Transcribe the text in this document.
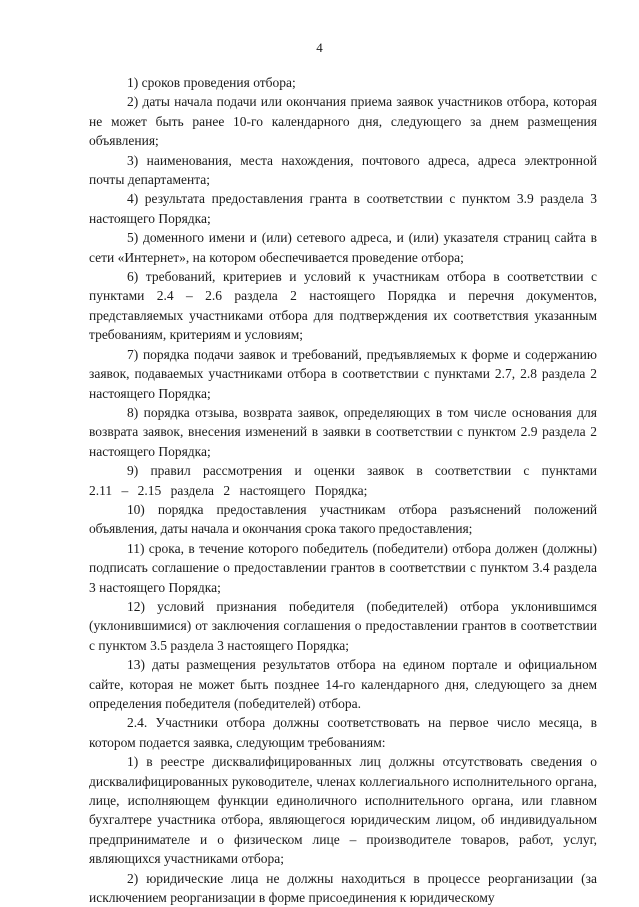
4

1) сроков проведения отбора;

2) даты начала подачи или окончания приема заявок участников отбора, которая не может быть ранее 10-го календарного дня, следующего за днем размещения объявления;

3) наименования, места нахождения, почтового адреса, адреса электронной почты департамента;

4) результата предоставления гранта в соответствии с пунктом 3.9 раздела 3 настоящего Порядка;

5) доменного имени и (или) сетевого адреса, и (или) указателя страниц сайта в сети «Интернет», на котором обеспечивается проведение отбора;

6) требований, критериев и условий к участникам отбора в соответствии с пунктами 2.4 – 2.6 раздела 2 настоящего Порядка и перечня документов, представляемых участниками отбора для подтверждения их соответствия указанным требованиям, критериям и условиям;

7) порядка подачи заявок и требований, предъявляемых к форме и содержанию заявок, подаваемых участниками отбора в соответствии с пунктами 2.7, 2.8 раздела 2 настоящего Порядка;

8) порядка отзыва, возврата заявок, определяющих в том числе основания для возврата заявок, внесения изменений в заявки в соответствии с пунктом 2.9 раздела 2 настоящего Порядка;

9) правил рассмотрения и оценки заявок в соответствии с пунктами 2.11 – 2.15 раздела 2 настоящего Порядка;

10) порядка предоставления участникам отбора разъяснений положений объявления, даты начала и окончания срока такого предоставления;

11) срока, в течение которого победитель (победители) отбора должен (должны) подписать соглашение о предоставлении грантов в соответствии с пунктом 3.4 раздела 3 настоящего Порядка;

12) условий признания победителя (победителей) отбора уклонившимся (уклонившимися) от заключения соглашения о предоставлении грантов в соответствии с пунктом 3.5 раздела 3 настоящего Порядка;

13) даты размещения результатов отбора на едином портале и официальном сайте, которая не может быть позднее 14-го календарного дня, следующего за днем определения победителя (победителей) отбора.

2.4. Участники отбора должны соответствовать на первое число месяца, в котором подается заявка, следующим требованиям:

1) в реестре дисквалифицированных лиц должны отсутствовать сведения о дисквалифицированных руководителе, членах коллегиального исполнительного органа, лице, исполняющем функции единоличного исполнительного органа, или главном бухгалтере участника отбора, являющегося юридическим лицом, об индивидуальном предпринимателе и о физическом лице – производителе товаров, работ, услуг, являющихся участниками отбора;

2) юридические лица не должны находиться в процессе реорганизации (за исключением реорганизации в форме присоединения к юридическому
